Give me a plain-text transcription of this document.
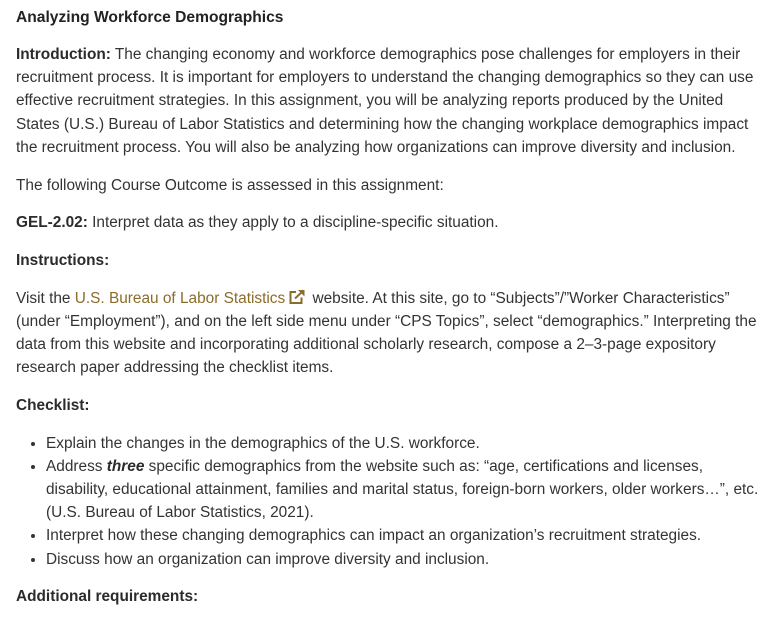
Analyzing Workforce Demographics

Introduction: The changing economy and workforce demographics pose challenges for employers in their recruitment process. It is important for employers to understand the changing demographics so they can use effective recruitment strategies. In this assignment, you will be analyzing reports produced by the United States (U.S.) Bureau of Labor Statistics and determining how the changing workplace demographics impact the recruitment process. You will also be analyzing how organizations can improve diversity and inclusion.

The following Course Outcome is assessed in this assignment:

GEL-2.02: Interpret data as they apply to a discipline-specific situation.

Instructions:

Visit the U.S. Bureau of Labor Statistics website. At this site, go to “Subjects”/”Worker Characteristics” (under “Employment”), and on the left side menu under “CPS Topics”, select “demographics.” Interpreting the data from this website and incorporating additional scholarly research, compose a 2–3-page expository research paper addressing the checklist items.

Checklist:
• Explain the changes in the demographics of the U.S. workforce.
• Address three specific demographics from the website such as: “age, certifications and licenses, disability, educational attainment, families and marital status, foreign-born workers, older workers…”, etc. (U.S. Bureau of Labor Statistics, 2021).
• Interpret how these changing demographics can impact an organization’s recruitment strategies.
• Discuss how an organization can improve diversity and inclusion.
Additional requirements:
